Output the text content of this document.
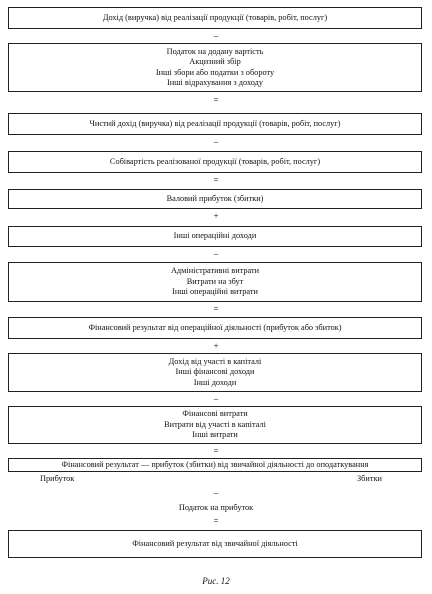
Дохід (виручка) від реалізації продукції (товарів, робіт, послуг)
–
Податок на додану вартість
Акцизний збір
Інші збори або податки з обороту
Інші відрахування з доходу
=
Чистий дохід (виручка) від реалізації продукції (товарів, робіт, послуг)
–
Собівартість реалізованої продукції (товарів, робіт, послуг)
=
Валовий прибуток (збитки)
+
Інші операційні доходи
–
Адміністративні витрати
Витрати на збут
Інші операційні витрати
=
Фінансовий результат від операційної діяльності (прибуток або збиток)
+
Дохід від участі в капіталі
Інші фінансові доходи
Інші доходи
–
Фінансові витрати
Витрати від участі в капіталі
Інші витрати
=
Фінансовий результат — прибуток (збитки) від звичайної діяльності до оподаткування
Прибуток	Збитки
–
Податок на прибуток
=
Фінансовий результат від звичайної діяльності
Рис. 12
